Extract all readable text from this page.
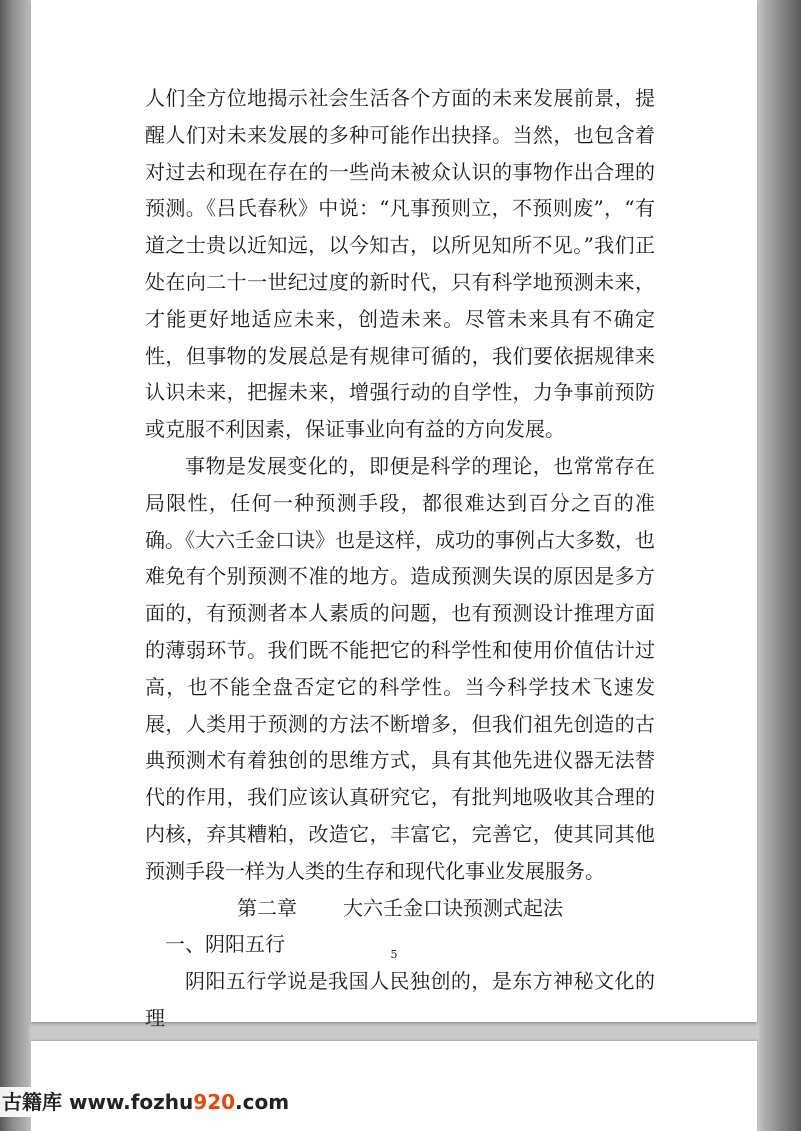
人们全方位地揭示社会生活各个方面的未来发展前景，提醒人们对未来发展的多种可能作出抉择。当然，也包含着对过去和现在存在的一些尚未被众认识的事物作出合理的预测。《吕氏春秋》中说：“凡事预则立，不预则废”，“有道之士贵以近知远，以今知古，以所见知所不见。”我们正处在向二十一世纪过度的新时代，只有科学地预测未来，才能更好地适应未来，创造未来。尽管未来具有不确定性，但事物的发展总是有规律可循的，我们要依据规律来认识未来，把握未来，增强行动的自学性，力争事前预防或克服不利因素，保证事业向有益的方向发展。

事物是发展变化的，即便是科学的理论，也常常存在局限性，任何一种预测手段，都很难达到百分之百的准确。《大六壬金口诀》也是这样，成功的事例占大多数，也难免有个别预测不准的地方。造成预测失误的原因是多方面的，有预测者本人素质的问题，也有预测设计推理方面的薄弱环节。我们既不能把它的科学性和使用价值估计过高，也不能全盘否定它的科学性。当今科学技术飞速发展，人类用于预测的方法不断增多，但我们祖先创造的古典预测术有着独创的思维方式，具有其他先进仪器无法替代的作用，我们应该认真研究它，有批判地吸收其合理的内核，弃其糟粕，改造它，丰富它，完善它，使其同其他预测手段一样为人类的生存和现代化事业发展服务。

第二章 大六壬金口诀预测式起法

一、阴阳五行

阴阳五行学说是我国人民独创的，是东方神秘文化的理

5
古籍库 www.fozhu920.com
